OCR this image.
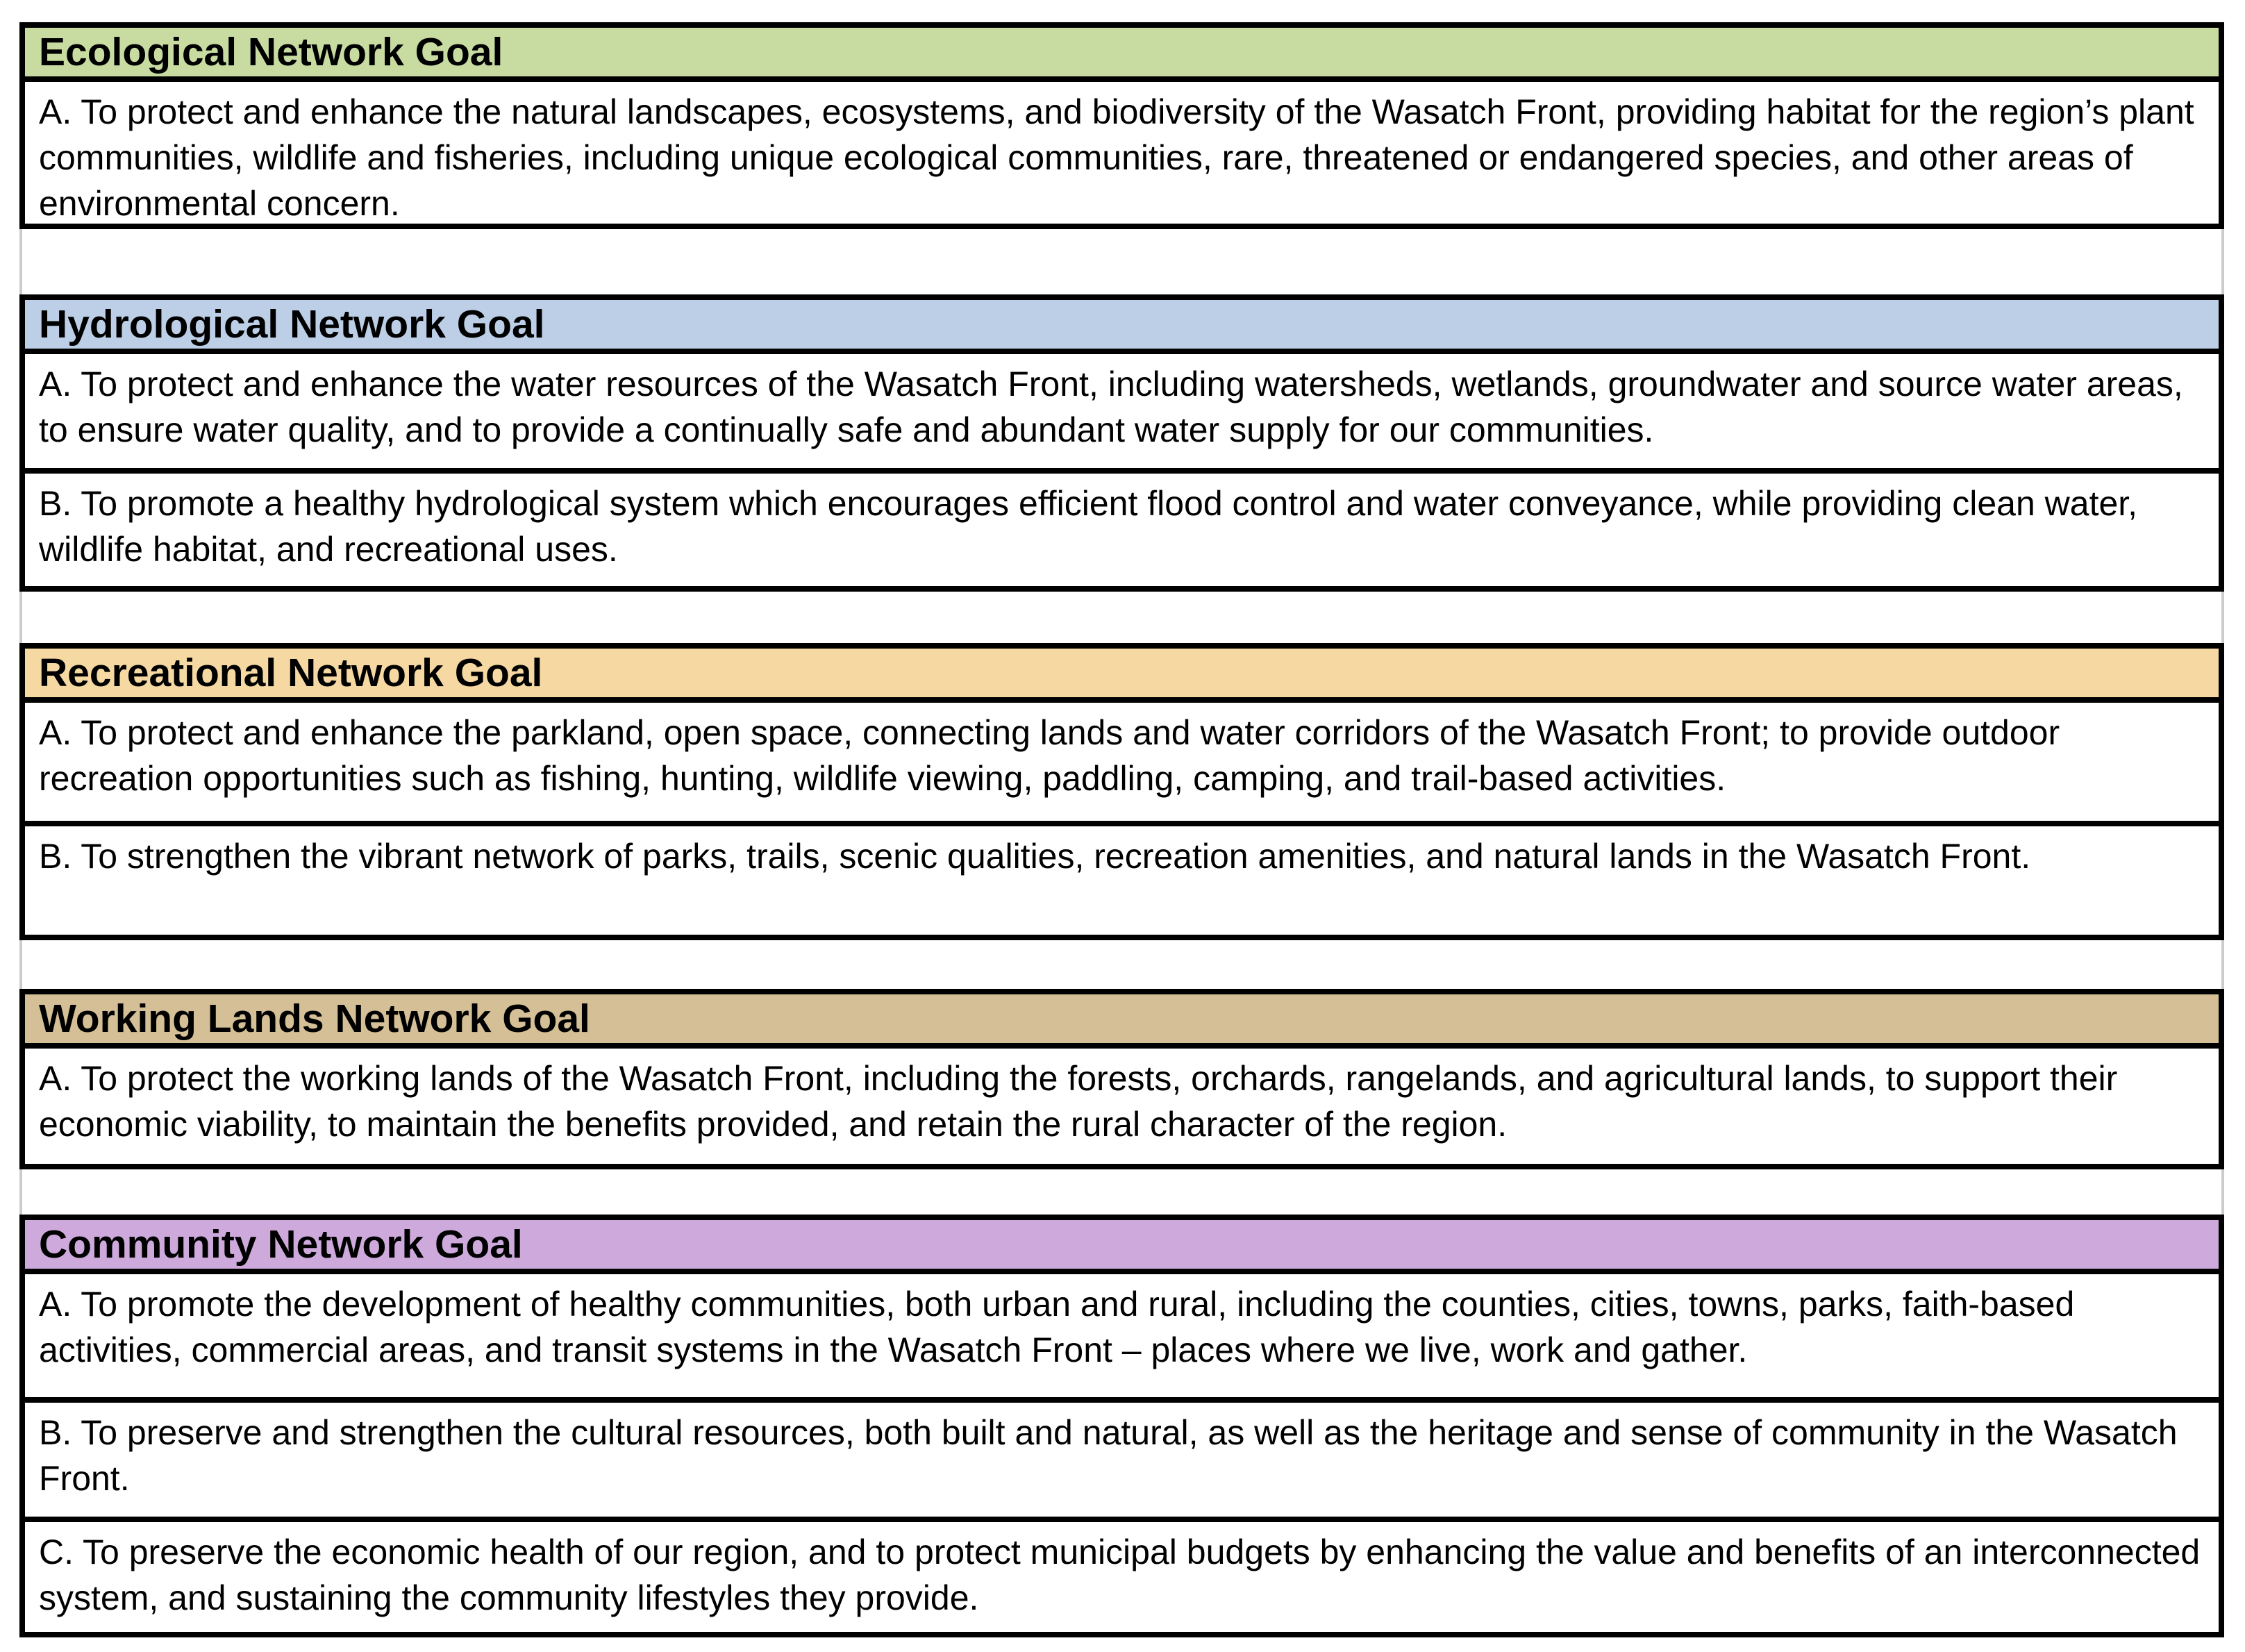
Ecological Network Goal
A. To protect and enhance the natural landscapes, ecosystems, and biodiversity of the Wasatch Front, providing habitat for the region’s plant communities, wildlife and fisheries, including unique ecological communities, rare, threatened or endangered species, and other areas of environmental concern.
Hydrological Network Goal
A. To protect and enhance the water resources of the Wasatch Front, including watersheds, wetlands, groundwater and source water areas, to ensure water quality, and to provide a continually safe and abundant water supply for our communities.
B. To promote a healthy hydrological system which encourages efficient flood control and water conveyance, while providing clean water, wildlife habitat, and recreational uses.
Recreational Network Goal
A. To protect and enhance the parkland, open space, connecting lands and water corridors of the Wasatch Front; to provide outdoor recreation opportunities such as fishing, hunting, wildlife viewing, paddling, camping, and trail-based activities.
B. To strengthen the vibrant network of parks, trails, scenic qualities, recreation amenities, and natural lands in the Wasatch Front.
Working Lands Network Goal
A. To protect the working lands of the Wasatch Front, including the forests, orchards, rangelands, and agricultural lands, to support their economic viability, to maintain the benefits provided, and retain the rural character of the region.
Community Network Goal
A. To promote the development of healthy communities, both urban and rural, including the counties, cities, towns, parks, faith-based activities, commercial areas, and transit systems in the Wasatch Front – places where we live, work and gather.
B. To preserve and strengthen the cultural resources, both built and natural, as well as the heritage and sense of community in the Wasatch Front.
C. To preserve the economic health of our region, and to protect municipal budgets by enhancing the value and benefits of an interconnected system, and sustaining the community lifestyles they provide.
